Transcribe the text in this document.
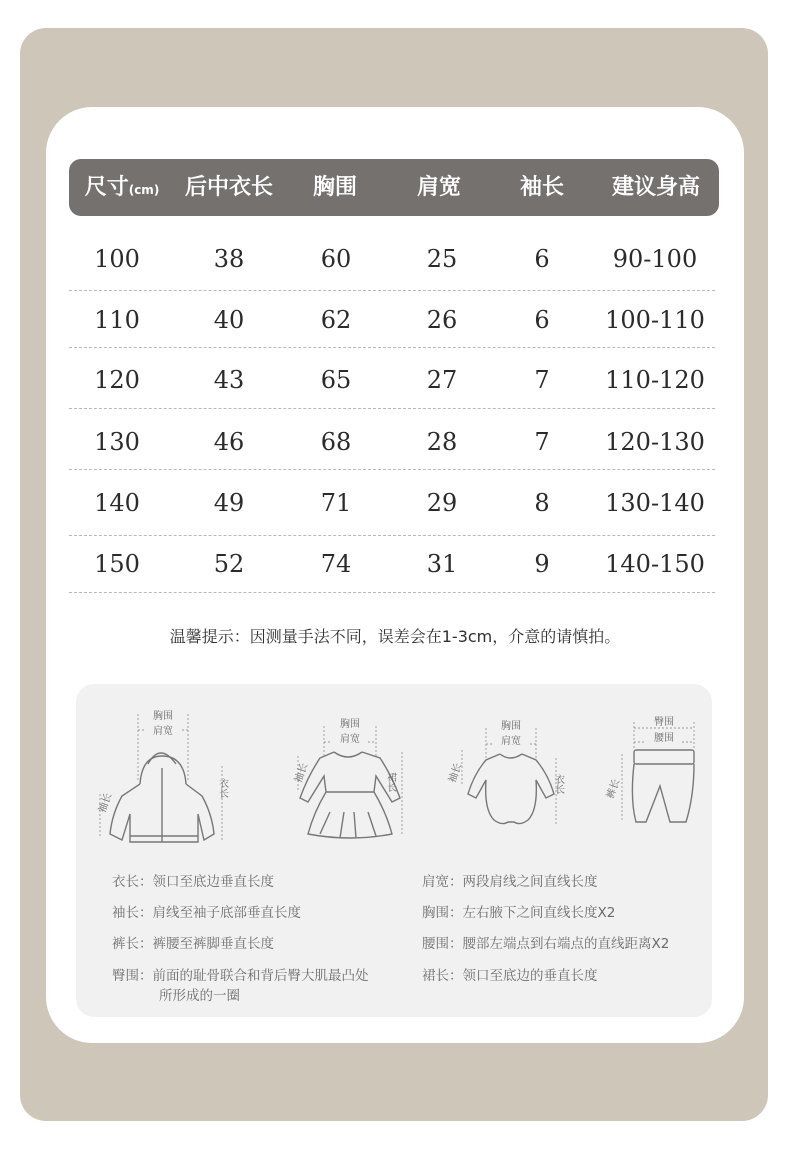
尺寸(cm) 后中衣长 胸围	肩宽	袖长 建议身高
100	38	60	25	6	90-100
110	40	62	26	6 100-110
120	43	65	27	7 110-120
130	46	68	28	7 120-130
140	49	71	29	8 130-140
150	52	74	31	9 140-150
温馨提示：因测量手法不同，误差会在1-3cm，介意的请慎拍。
胸围
肩宽
袖长
衣长
胸围
肩宽
袖长	裙长
胸围
肩宽
袖长	衣长
臀围
腰围
裤长
衣长：领口至底边垂直长度	肩宽：两段肩线之间直线长度
袖长：肩线至袖子底部垂直长度	胸围：左右腋下之间直线长度X2
裤长：裤腰至裤脚垂直长度	腰围：腰部左端点到右端点的直线距离X2
臀围：前面的耻骨联合和背后臀大肌最凸处
所形成的一圈
裙长：领口至底边的垂直长度
